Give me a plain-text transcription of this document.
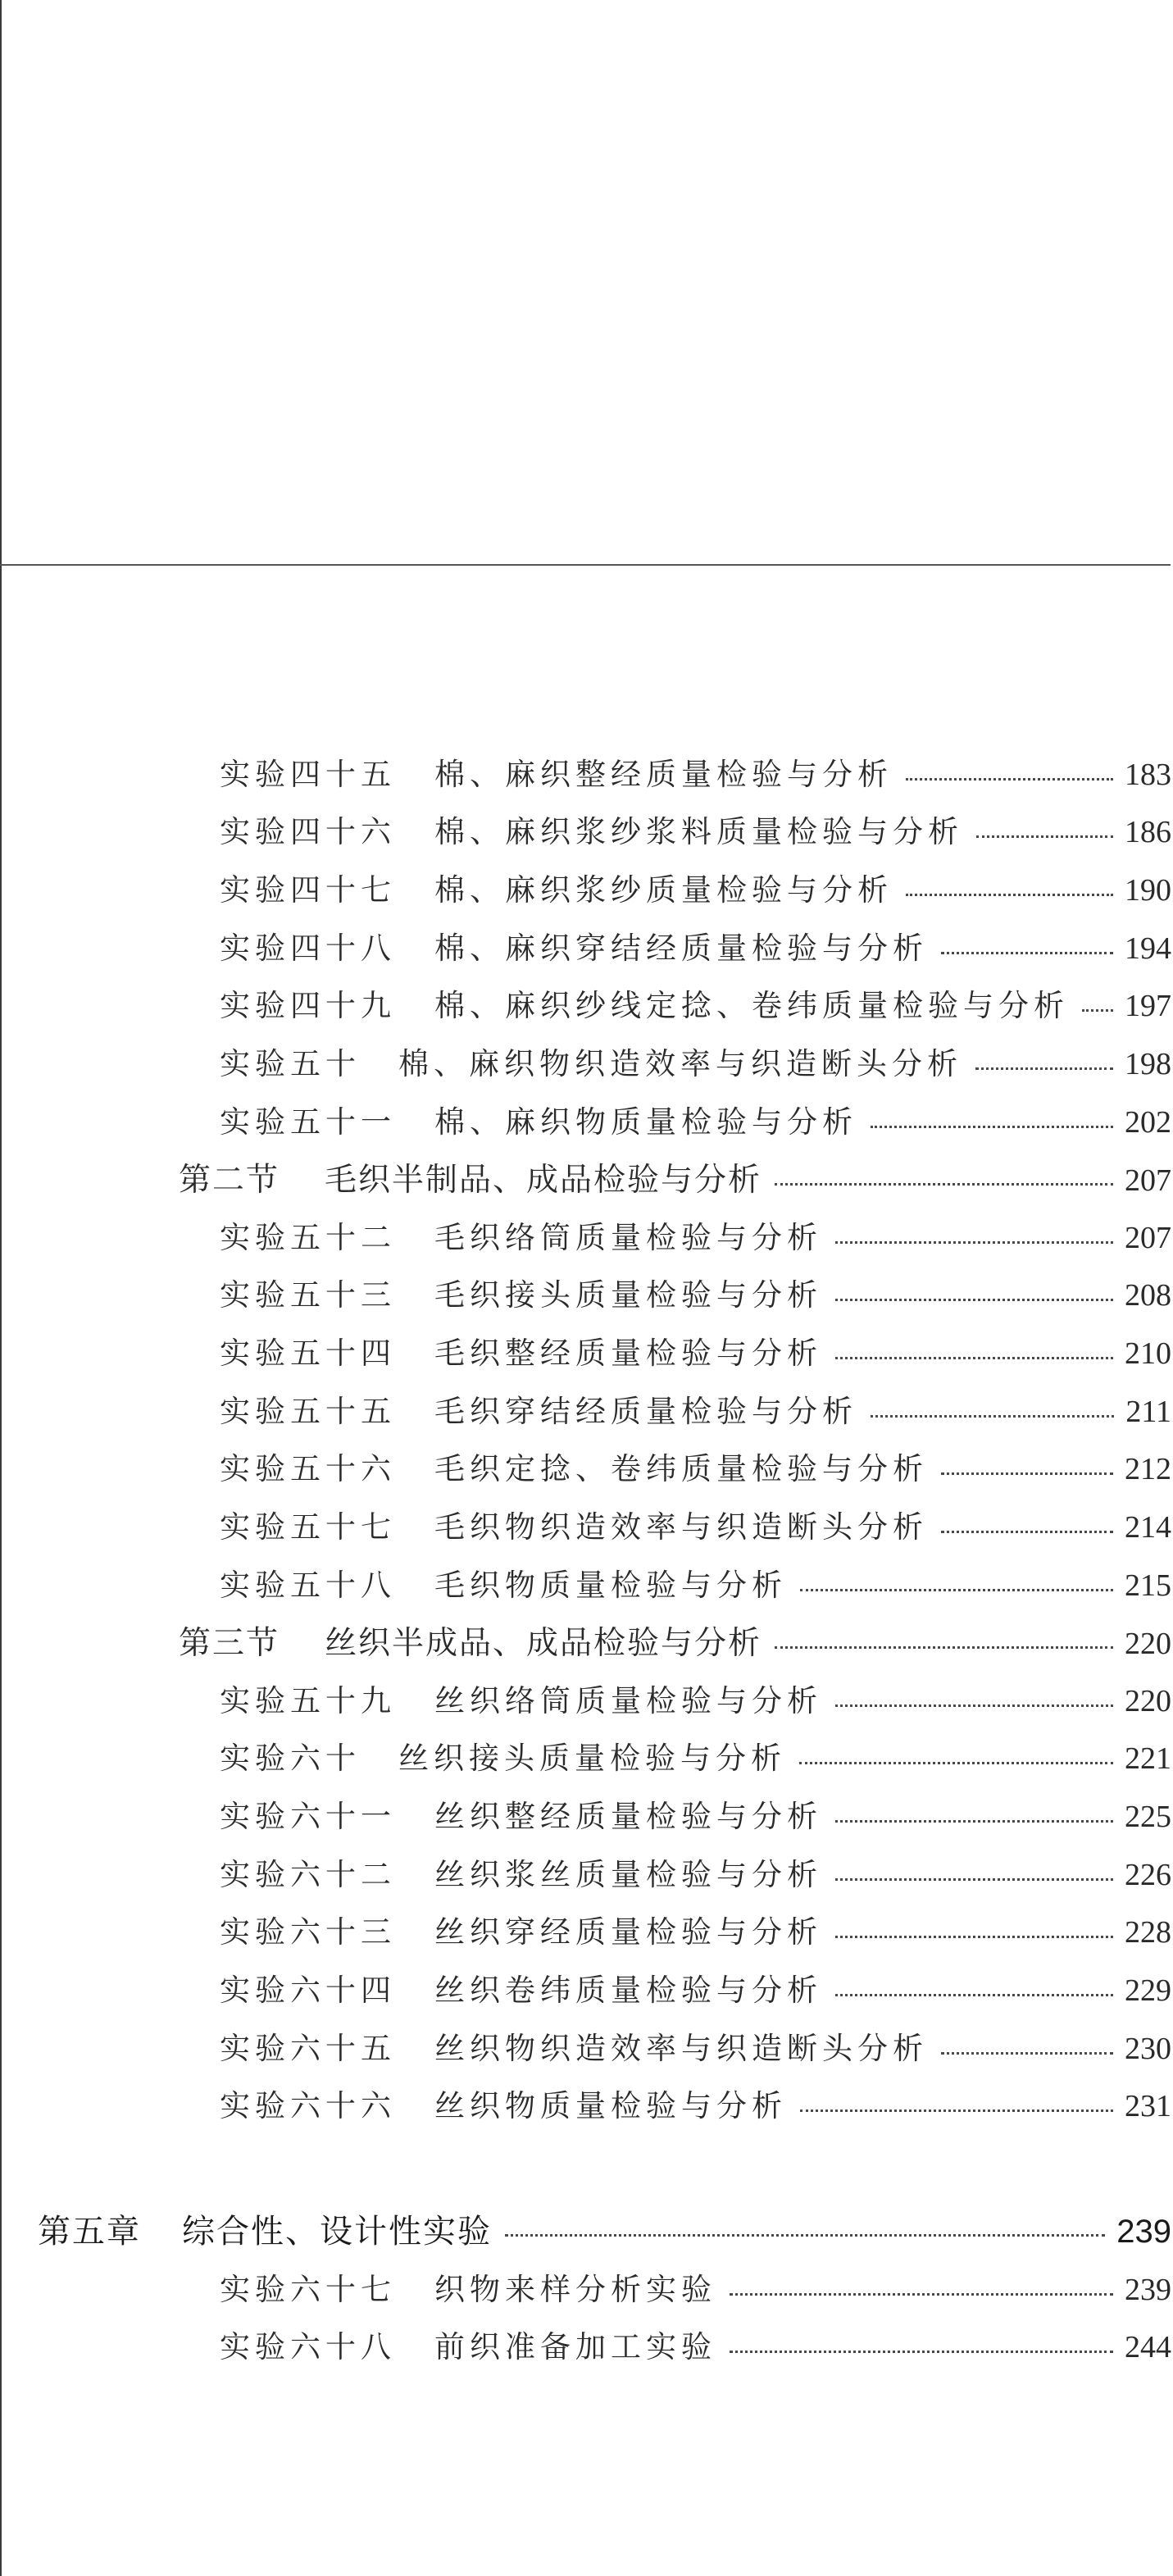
实验四十五	棉、麻织整经质量检验与分析	183
实验四十六	棉、麻织浆纱浆料质量检验与分析	186
实验四十七	棉、麻织浆纱质量检验与分析	190
实验四十八	棉、麻织穿结经质量检验与分析	194
实验四十九	棉、麻织纱线定捻、卷纬质量检验与分析 197
实验五十	棉、麻织物织造效率与织造断头分析	198
实验五十一	棉、麻织物质量检验与分析	202
第二节	毛织半制品、成品检验与分析	207
实验五十二	毛织络筒质量检验与分析	207
实验五十三	毛织接头质量检验与分析	208
实验五十四	毛织整经质量检验与分析	210
实验五十五	毛织穿结经质量检验与分析	211
实验五十六	毛织定捻、卷纬质量检验与分析	212
实验五十七	毛织物织造效率与织造断头分析	214
实验五十八	毛织物质量检验与分析	215
第三节	丝织半成品、成品检验与分析	220
实验五十九	丝织络筒质量检验与分析	220
实验六十	丝织接头质量检验与分析	221
实验六十一	丝织整经质量检验与分析	225
实验六十二	丝织浆丝质量检验与分析	226
实验六十三	丝织穿经质量检验与分析	228
实验六十四	丝织卷纬质量检验与分析	229
实验六十五	丝织物织造效率与织造断头分析	230
实验六十六	丝织物质量检验与分析	231
第五章	综合性、设计性实验	239
实验六十七	织物来样分析实验	239
实验六十八	前织准备加工实验	244
